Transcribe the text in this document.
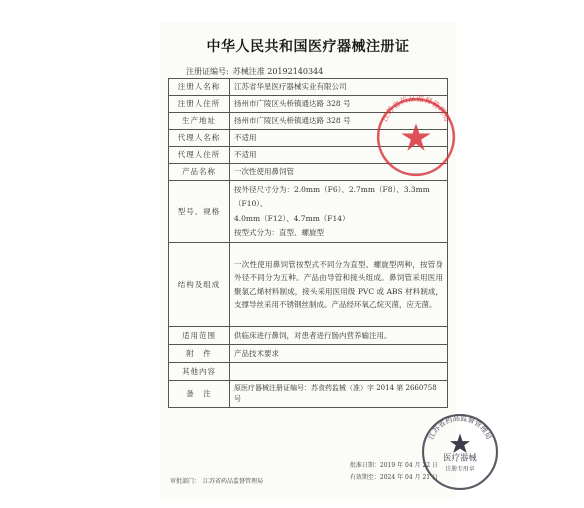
中华人民共和国医疗器械注册证
注册证编号: 苏械注准 20192140344
注册人名称	江苏省华星医疗器械实业有限公司
注册人住所	扬州市广陵区头桥镇通达路 328 号
生产地址	扬州市广陵区头桥镇通达路 328 号
代理人名称	不适用
代理人住所	不适用
产品名称	一次性使用鼻饲管
型号、规格	按外径尺寸分为：2.0mm（F6）、2.7mm（F8）、3.3mm（F10）、
4.0mm（F12）、4.7mm（F14）
按型式分为：直型、螺旋型

结构及组成	一次性使用鼻饲管按型式不同分为直型、螺旋型两种，按管身外径不同分为五种。产品由导管和接头组成。鼻饲管采用医用聚氯乙烯材料制成，接头采用医用级 PVC 或 ABS 材料制成，支撑导丝采用不锈钢丝制成。产品经环氧乙烷灭菌，应无菌。
适用范围	供临床进行鼻饲，对患者进行肠内营养输注用。
附　件	产品技术要求
其他内容	
备　注	原医疗器械注册证编号：苏食药监械（准）字 2014 第 2660758 号
审批部门：　江苏省药品监督管理局
批准日期：2019 年 04 月 22 日
有效期至：2024 年 04 月 21 日
江苏省药品监督管理局
江苏省药品监督管理局
医疗器械
注册专用章
